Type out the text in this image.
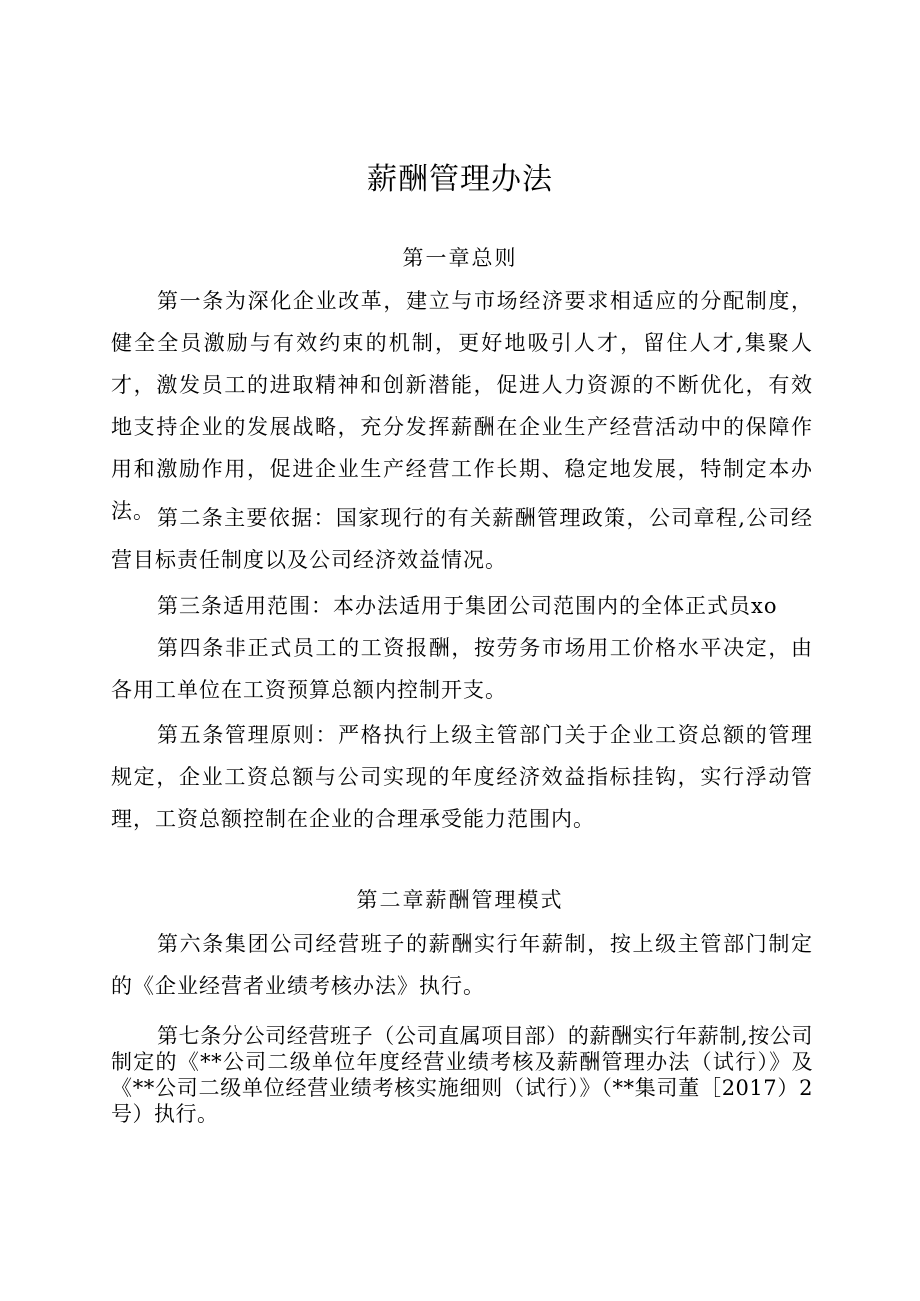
薪酬管理办法
第一章总则

第一条为深化企业改革，建立与市场经济要求相适应的分配制度，健全全员激励与有效约束的机制，更好地吸引人才，留住人才,集聚人才，激发员工的进取精神和创新潜能，促进人力资源的不断优化，有效地支持企业的发展战略，充分发挥薪酬在企业生产经营活动中的保障作用和激励作用，促进企业生产经营工作长期、稳定地发展，特制定本办法。 第二条主要依据：国家现行的有关薪酬管理政策，公司章程,公司经营目标责任制度以及公司经济效益情况。

第三条适用范围：本办法适用于集团公司范围内的全体正式员xo

第四条非正式员工的工资报酬，按劳务市场用工价格水平决定，由各用工单位在工资预算总额内控制开支。

第五条管理原则：严格执行上级主管部门关于企业工资总额的管理规定，企业工资总额与公司实现的年度经济效益指标挂钩，实行浮动管理，工资总额控制在企业的合理承受能力范围内。

第二章薪酬管理模式

第六条集团公司经营班子的薪酬实行年薪制，按上级主管部门制定的《企业经营者业绩考核办法》执行。

第七条分公司经营班子（公司直属项目部）的薪酬实行年薪制,按公司制定的《**公司二级单位年度经营业绩考核及薪酬管理办法（试行）》及《**公司二级单位经营业绩考核实施细则（试行）》（**集司董［2017）2号）执行。
